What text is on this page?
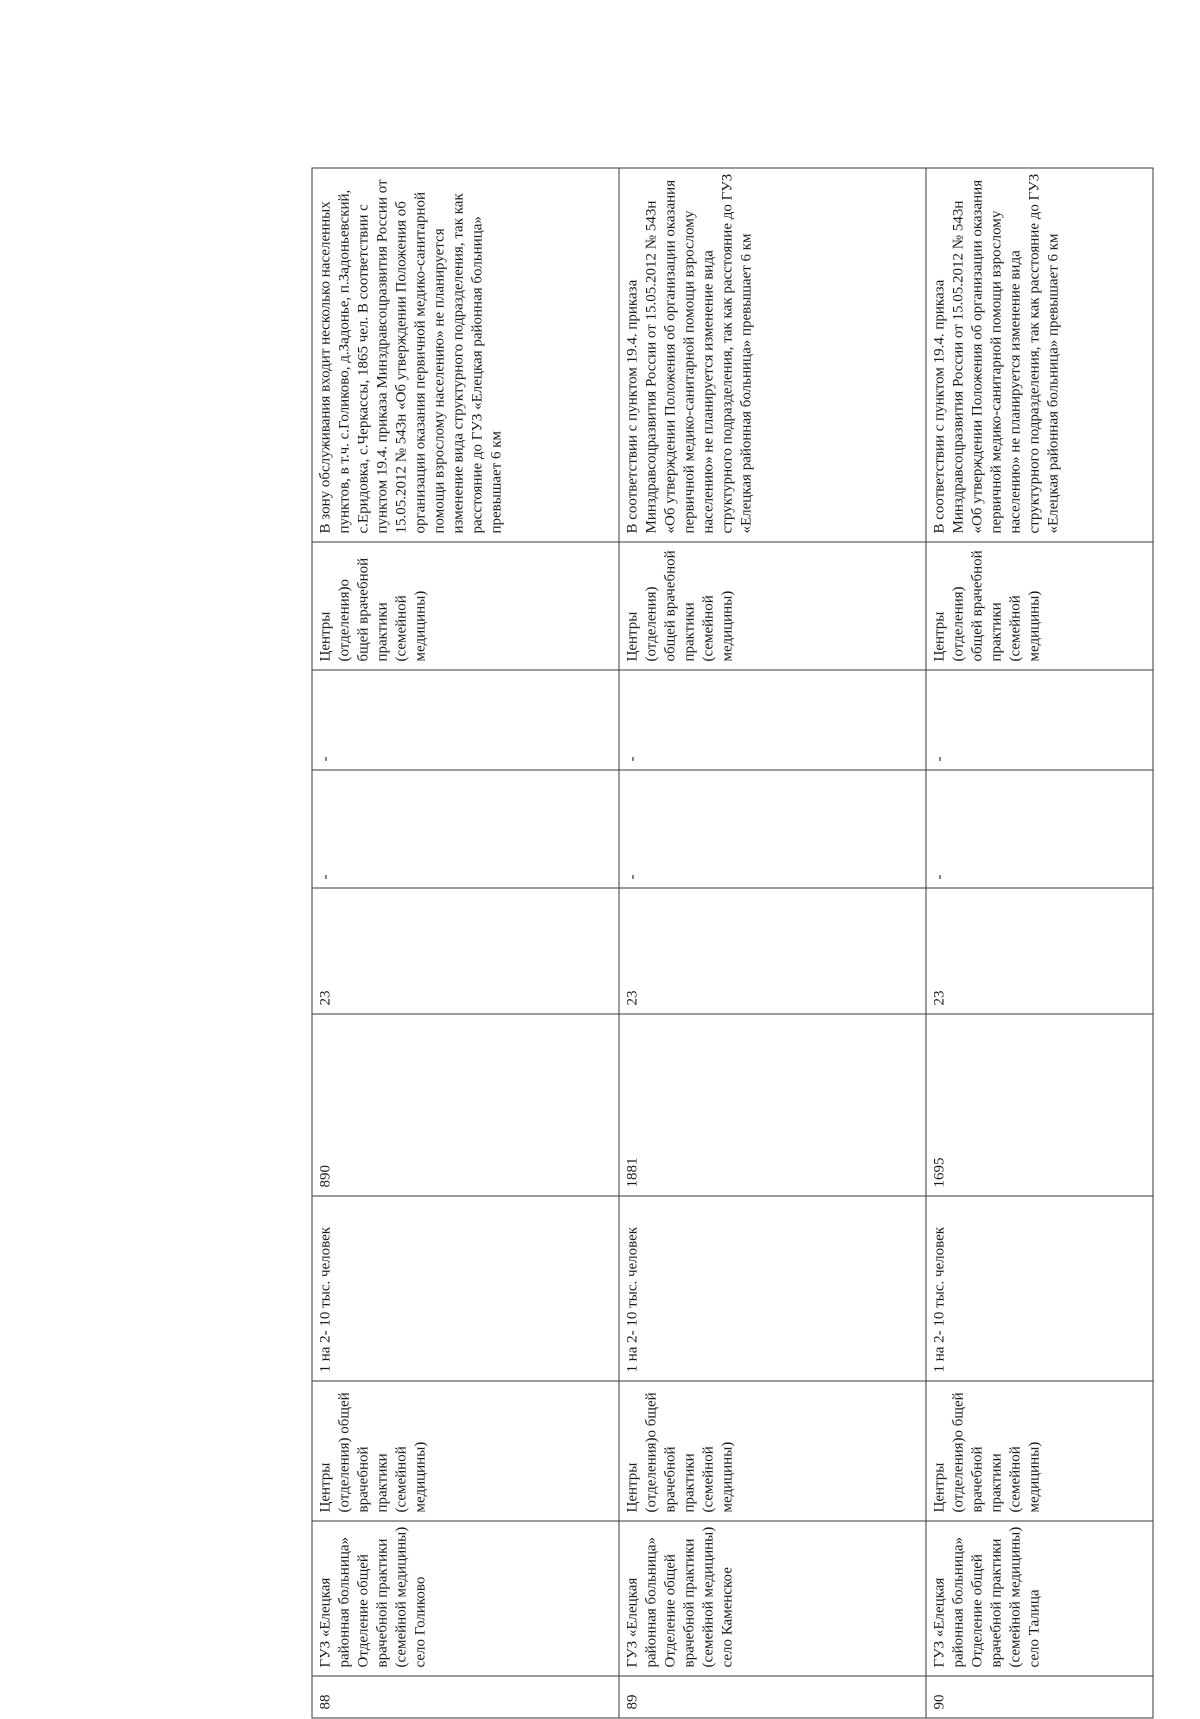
88	ГУЗ «Елецкая районная больница» Отделение общей врачебной практики (семейной медицины) село Голиково	Центры (отделения) общей врачебной практики (семейной медицины)	1 на 2- 10 тыс. человек	890	23	-	-	Центры (отделения)о бщей врачебной практики (семейной медицины)	В зону обслуживания входит несколько населенных пунктов, в т.ч. с.Голиково, д.Задонье, п.Задоньевский, с.Еридовка, с.Черкассы, 1865 чел. В соответствии с пунктом 19.4. приказа Минздравсоцразвития России от 15.05.2012 № 543н «Об утверждении Положения об организации оказания первичной медико-санитарной помощи взрослому населению» не планируется изменение вида структурного подразделения, так как расстояние до ГУЗ «Елецкая районная больница» превышает 6 км
89	ГУЗ «Елецкая районная больница» Отделение общей врачебной практики (семейной медицины) село Каменское	Центры (отделения)о бщей врачебной практики (семейной медицины)	1 на 2- 10 тыс. человек	1881	23	-	-	Центры (отделения) общей врачебной практики (семейной медицины)	В соответствии с пунктом 19.4. приказа Минздравсоцразвития России от 15.05.2012 № 543н «Об утверждении Положения об организации оказания первичной медико-санитарной помощи взрослому населению» не планируется изменение вида структурного подразделения, так как расстояние до ГУЗ «Елецкая районная больница» превышает 6 км
90	ГУЗ «Елецкая районная больница» Отделение общей врачебной практики (семейной медицины) село Талица	Центры (отделения)о бщей врачебной практики (семейной медицины)	1 на 2- 10 тыс. человек	1695	23	-	-	Центры (отделения) общей врачебной практики (семейной медицины)	В соответствии с пунктом 19.4. приказа Минздравсоцразвития России от 15.05.2012 № 543н «Об утверждении Положения об организации оказания первичной медико-санитарной помощи взрослому населению» не планируется изменение вида структурного подразделения, так как расстояние до ГУЗ «Елецкая районная больница» превышает 6 км
